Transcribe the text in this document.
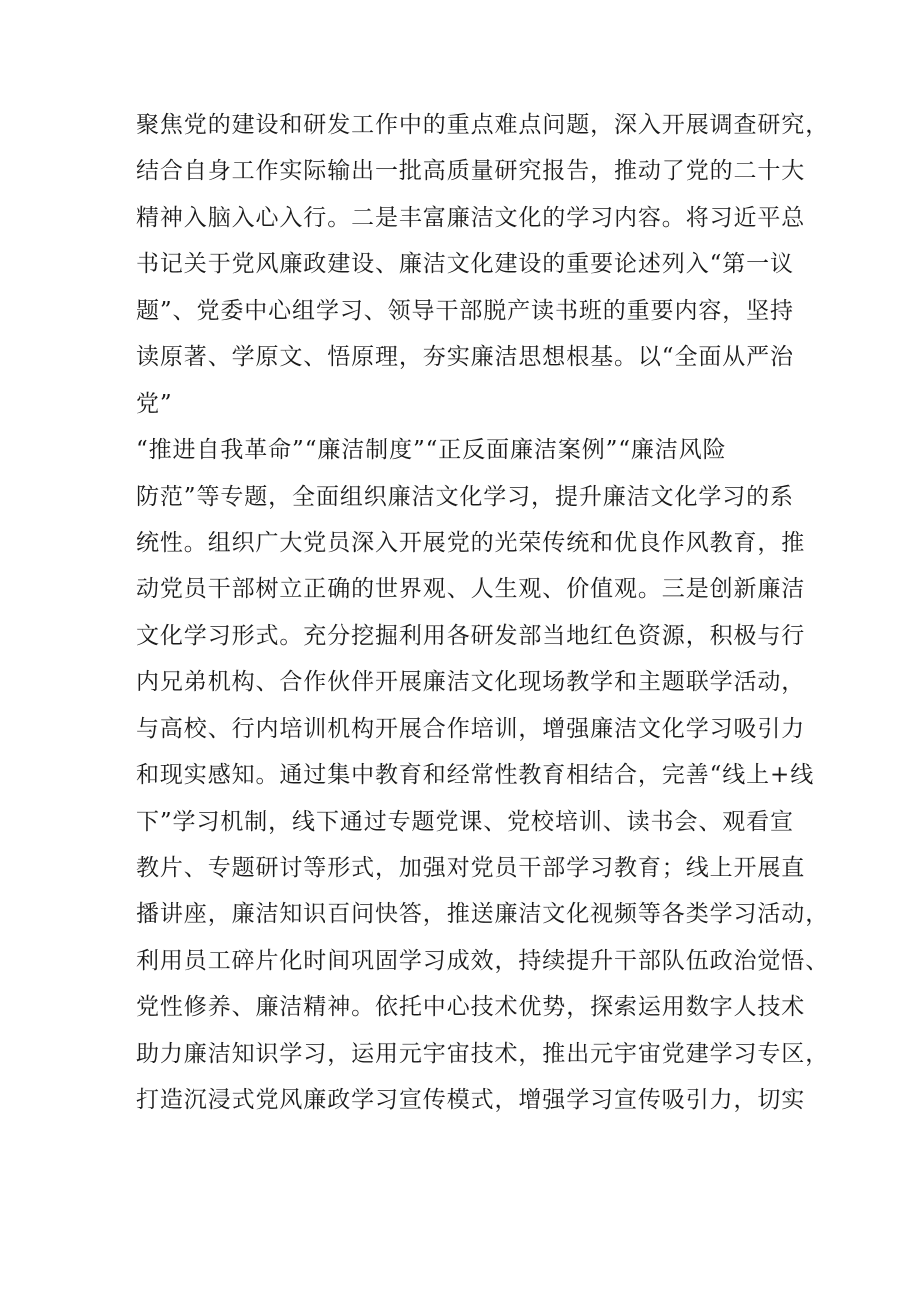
聚焦党的建设和研发工作中的重点难点问题，深入开展调查研究，
结合自身工作实际输出一批高质量研究报告，推动了党的二十大
精神入脑入心入行。二是丰富廉洁文化的学习内容。将习近平总
书记关于党风廉政建设、廉洁文化建设的重要论述列入“第一议
题”、党委中心组学习、领导干部脱产读书班的重要内容，坚持
读原著、学原文、悟原理，夯实廉洁思想根基。以“全面从严治
党”
“推进自我革命”“廉洁制度”“正反面廉洁案例”“廉洁风险
防范”等专题，全面组织廉洁文化学习，提升廉洁文化学习的系
统性。组织广大党员深入开展党的光荣传统和优良作风教育，推
动党员干部树立正确的世界观、人生观、价值观。三是创新廉洁
文化学习形式。充分挖掘利用各研发部当地红色资源，积极与行
内兄弟机构、合作伙伴开展廉洁文化现场教学和主题联学活动，
与高校、行内培训机构开展合作培训，增强廉洁文化学习吸引力
和现实感知。通过集中教育和经常性教育相结合，完善“线上+线
下”学习机制，线下通过专题党课、党校培训、读书会、观看宣
教片、专题研讨等形式，加强对党员干部学习教育；线上开展直
播讲座，廉洁知识百问快答，推送廉洁文化视频等各类学习活动，
利用员工碎片化时间巩固学习成效，持续提升干部队伍政治觉悟、
党性修养、廉洁精神。依托中心技术优势，探索运用数字人技术
助力廉洁知识学习，运用元宇宙技术，推出元宇宙党建学习专区，
打造沉浸式党风廉政学习宣传模式，增强学习宣传吸引力，切实
